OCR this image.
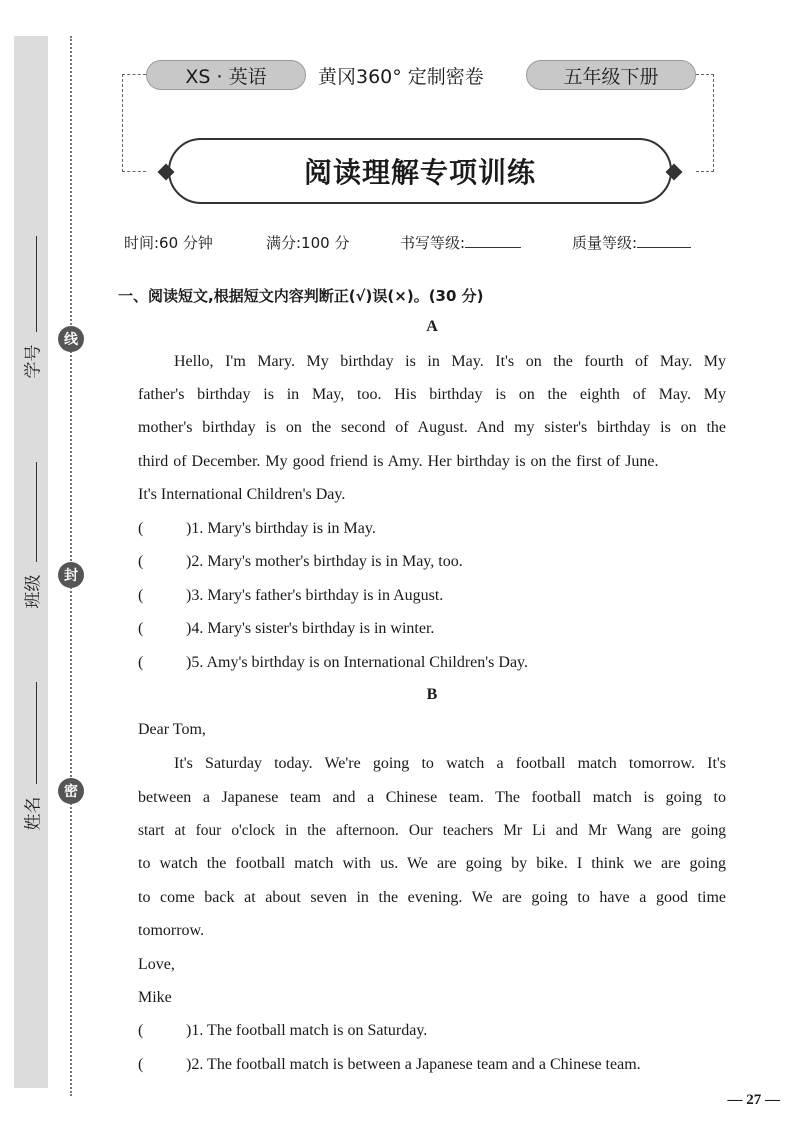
学号
班级
姓名
线
封
密
XS · 英语	黄冈360° 定制密卷	五年级下册
阅读理解专项训练
时间:60 分钟	满分:100 分	书写等级:	质量等级:
一、阅读短文,根据短文内容判断正(√)误(×)。(30 分)
A
Hello, I'm Mary. My birthday is in May. It's on the fourth of May. My
father's birthday is in May, too. His birthday is on the eighth of May. My
mother's birthday is on the second of August. And my sister's birthday is on the
third of December. My good friend is Amy. Her birthday is on the first of June.
It's International Children's Day.
(	)1. Mary's birthday is in May.
(	)2. Mary's mother's birthday is in May, too.
(	)3. Mary's father's birthday is in August.
(	)4. Mary's sister's birthday is in winter.
(	)5. Amy's birthday is on International Children's Day.
B
Dear Tom,
It's Saturday today. We're going to watch a football match tomorrow. It's
between a Japanese team and a Chinese team. The football match is going to
start at four o'clock in the afternoon. Our teachers Mr Li and Mr Wang are going
to watch the football match with us. We are going by bike. I think we are going
to come back at about seven in the evening. We are going to have a good time
tomorrow.
Love,
Mike
(	)1. The football match is on Saturday.
(	)2. The football match is between a Japanese team and a Chinese team.
— 27 —
